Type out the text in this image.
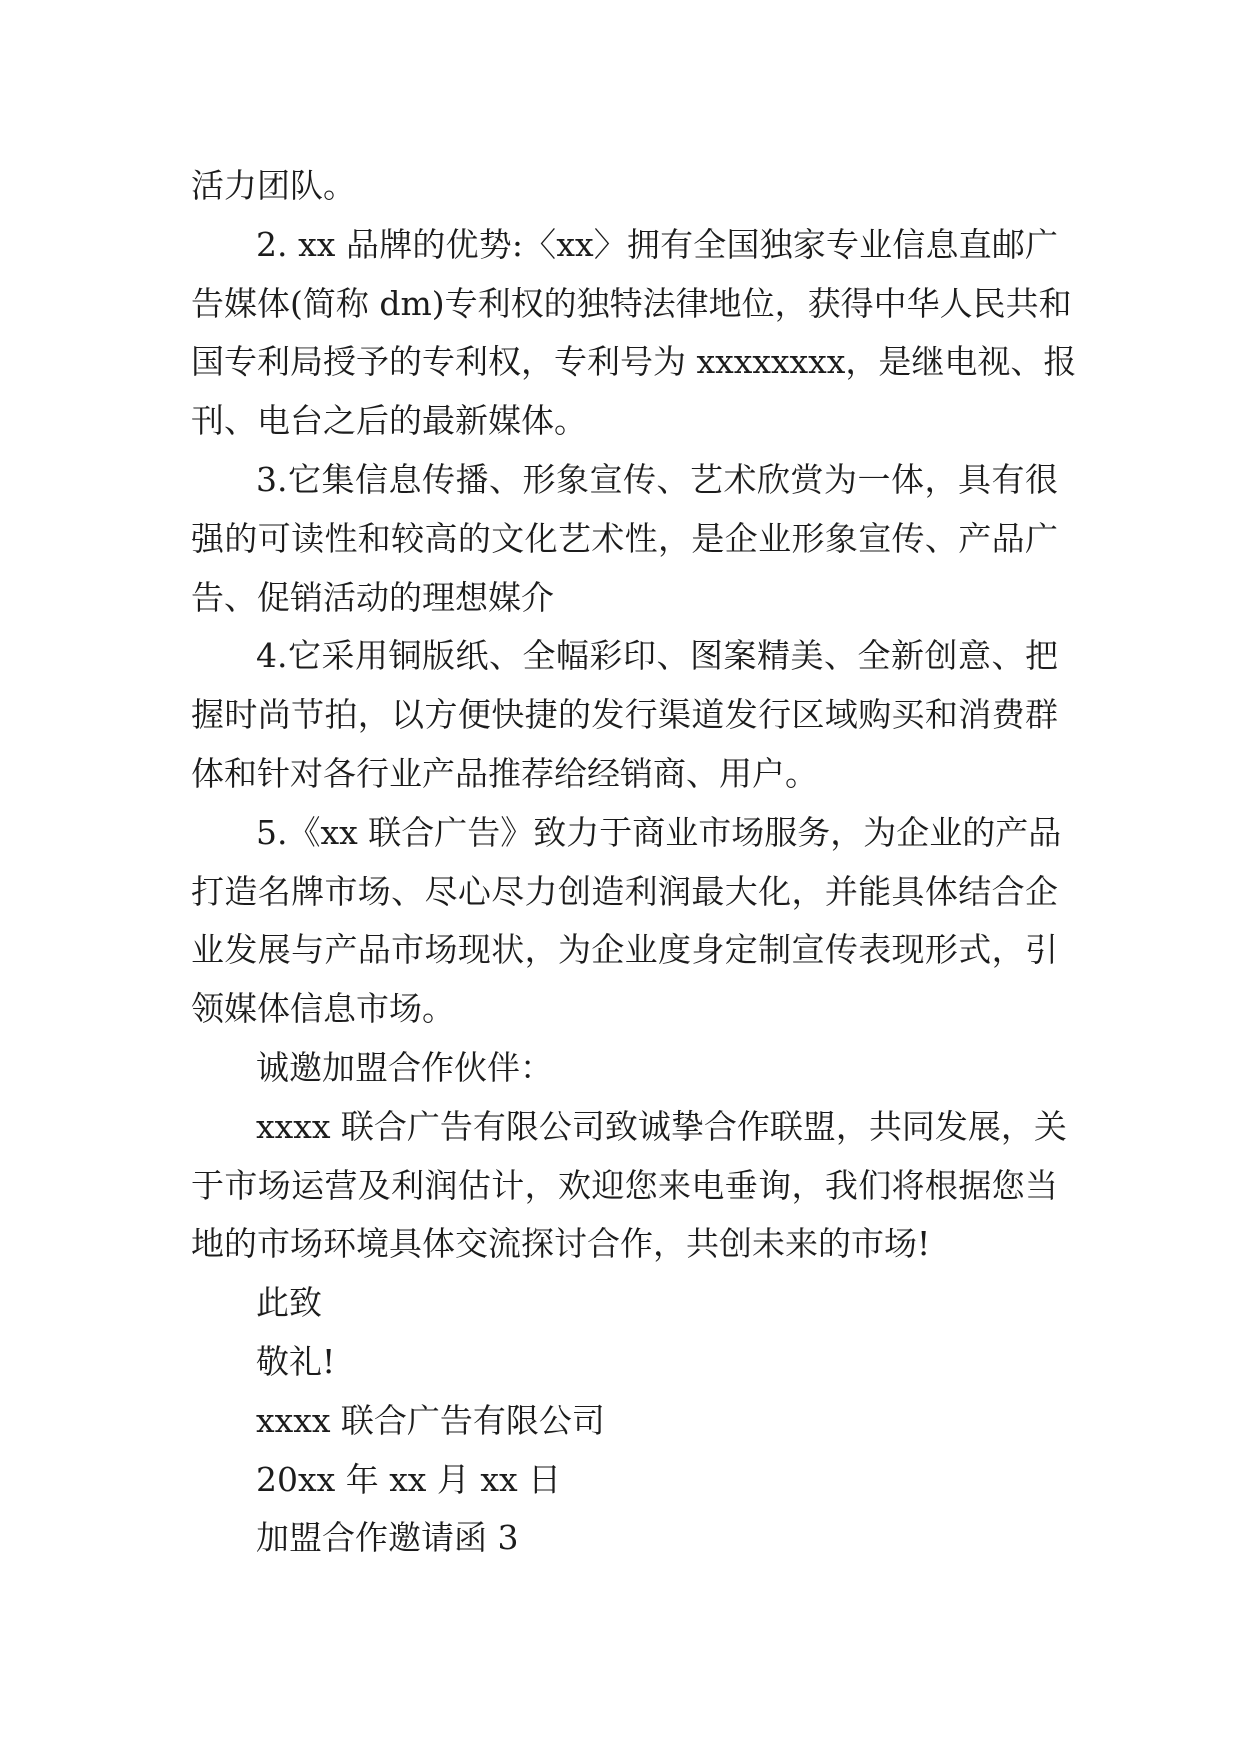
活力团队。
2. xx 品牌的优势:〈xx〉拥有全国独家专业信息直邮广
告媒体(简称 dm)专利权的独特法律地位，获得中华人民共和
国专利局授予的专利权，专利号为 xxxxxxxx，是继电视、报
刊、电台之后的最新媒体。
3.它集信息传播、形象宣传、艺术欣赏为一体，具有很
强的可读性和较高的文化艺术性，是企业形象宣传、产品广
告、促销活动的理想媒介
4.它采用铜版纸、全幅彩印、图案精美、全新创意、把
握时尚节拍，以方便快捷的发行渠道发行区域购买和消费群
体和针对各行业产品推荐给经销商、用户。
5.《xx 联合广告》致力于商业市场服务，为企业的产品
打造名牌市场、尽心尽力创造利润最大化，并能具体结合企
业发展与产品市场现状，为企业度身定制宣传表现形式，引
领媒体信息市场。
诚邀加盟合作伙伴：
xxxx 联合广告有限公司致诚挚合作联盟，共同发展，关
于市场运营及利润估计，欢迎您来电垂询，我们将根据您当
地的市场环境具体交流探讨合作，共创未来的市场!
此致
敬礼!
xxxx 联合广告有限公司
20xx 年 xx 月 xx 日
加盟合作邀请函 3
